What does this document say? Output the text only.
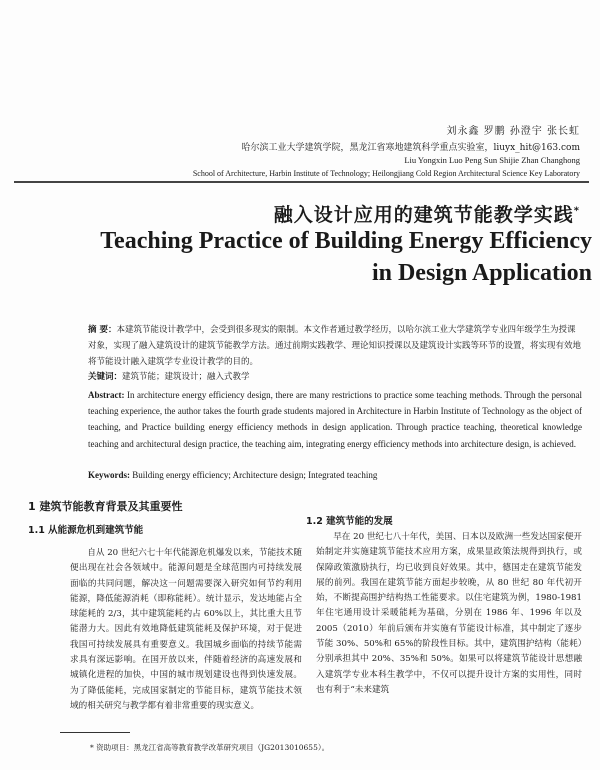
刘永鑫 罗鹏 孙澄宇 张长虹
哈尔滨工业大学建筑学院，黑龙江省寒地建筑科学重点实验室，liuyx_hit@163.com
Liu Yongxin Luo Peng Sun Shijie Zhan Changhong
School of Architecture, Harbin Institute of Technology; Heilongjiang Cold Region Architectural Science Key Laboratory
融入设计应用的建筑节能教学实践*
Teaching Practice of Building Energy Efficiency
in Design Application
摘 要：本建筑节能设计教学中，会受到很多现实的限制。本文作者通过教学经历，以哈尔滨工业大学建筑学专业四年级学生为授课对象，实现了融入建筑设计的建筑节能教学方法。通过前期实践教学、理论知识授课以及建筑设计实践等环节的设置，将实现有效地将节能设计融入建筑学专业设计教学的目的。
关键词：建筑节能；建筑设计；融入式教学
Abstract: In architecture energy efficiency design, there are many restrictions to practice some teaching methods. Through the personal teaching experience, the author takes the fourth grade students majored in Architecture in Harbin Institute of Technology as the object of teaching, and Practice building energy efficiency methods in design application. Through practice teaching, theoretical knowledge teaching and architectural design practice, the teaching aim, integrating energy efficiency methods into architecture design, is achieved.
Keywords: Building energy efficiency; Architecture design; Integrated teaching
1 建筑节能教育背景及其重要性
1.1 从能源危机到建筑节能

自从 20 世纪六七十年代能源危机爆发以来，节能技术随便出现在社会各领域中。能源问题是全球范围内可持续发展面临的共同问题，解决这一问题需要深入研究如何节约利用能源，降低能源消耗（即称能耗）。统计显示，发达地能占全球能耗的 2/3，其中建筑能耗约占 60%以上，其比重大且节能潜力大。因此有效地降低建筑能耗及保护环境，对于促进我国可持续发展具有重要意义。我国城乡面临的持续节能需求具有深远影响。在国开放以来，伴随着经济的高速发展和城镇化进程的加快，中国的城市规划建设也得到快速发展。为了降低能耗，完成国家制定的节能目标，建筑节能技术领域的相关研究与教学都有着非常重要的现实意义。

1.2 建筑节能的发展

早在 20 世纪七八十年代，美国、日本以及欧洲一些发达国家便开始制定并实施建筑节能技术应用方案，成果显政策法规得到执行，或保障政策激励执行，均已收到良好效果。其中，德国走在建筑节能发展的前列。我国在建筑节能方面起步较晚，从 80 世纪 80 年代初开始，不断提高围护结构热工性能要求。以住宅建筑为例，1980-1981 年住宅通用设计采暖能耗为基础，分别在 1986 年、1996 年以及 2005（2010）年前后颁布并实施有节能设计标准，其中制定了逐步节能 30%、50%和 65%的阶段性目标。其中，建筑围护结构（能耗）分别承担其中 20%、35%和 50%。如果可以将建筑节能设计思想融入建筑学专业本科生教学中，不仅可以提升设计方案的实用性，同时也有利于“未来建筑

* 资助项目：黑龙江省高等教育教学改革研究项目（JG2013010655）。
